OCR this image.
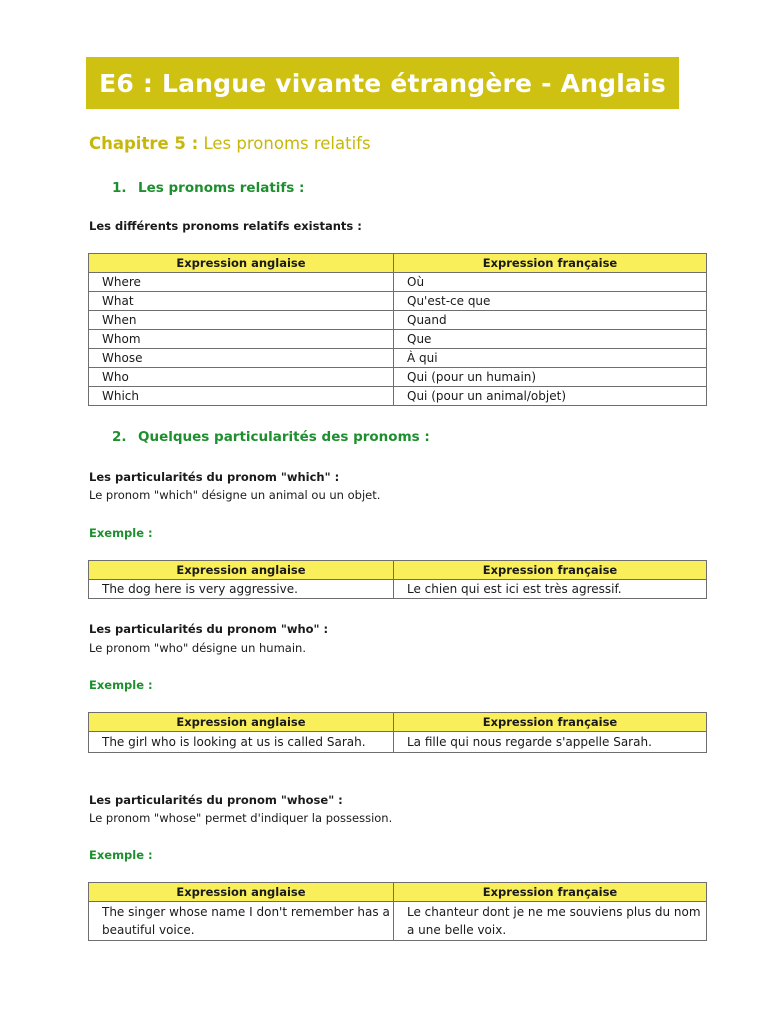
E6 : Langue vivante étrangère - Anglais
Chapitre 5 : Les pronoms relatifs
1. Les pronoms relatifs :
Les différents pronoms relatifs existants :
Expression anglaise	Expression française
Where	Où
What	Qu'est-ce que
When	Quand
Whom	Que
Whose	À qui
Who	Qui (pour un humain)
Which	Qui (pour un animal/objet)
2. Quelques particularités des pronoms :
Les particularités du pronom "which" :
Le pronom "which" désigne un animal ou un objet.
Exemple :
Expression anglaise	Expression française
The dog here is very aggressive.	Le chien qui est ici est très agressif.
Les particularités du pronom "who" :
Le pronom "who" désigne un humain.
Exemple :
Expression anglaise	Expression française
The girl who is looking at us is called Sarah.	La fille qui nous regarde s'appelle Sarah.
Les particularités du pronom "whose" :
Le pronom "whose" permet d'indiquer la possession.
Exemple :
Expression anglaise	Expression française
The singer whose name I don't remember has a beautiful voice.	Le chanteur dont je ne me souviens plus du nom a une belle voix.
